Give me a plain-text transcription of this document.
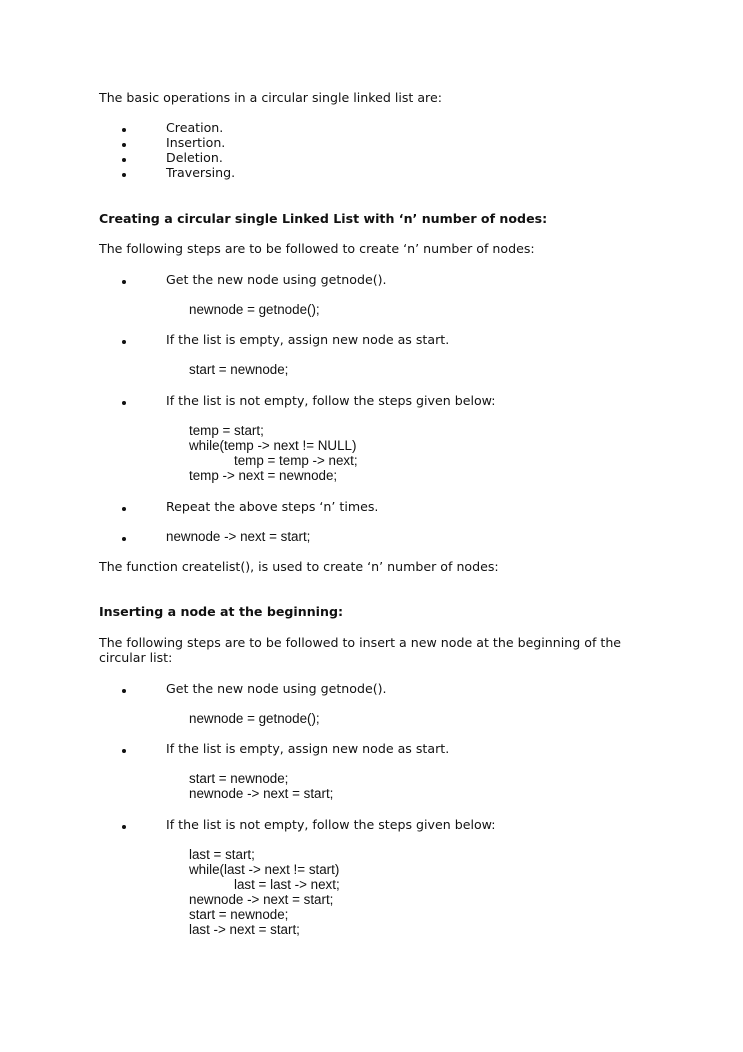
The basic operations in a circular single linked list are:
Creation.
Insertion.
Deletion.
Traversing.
Creating a circular single Linked List with ‘n’ number of nodes:
The following steps are to be followed to create ‘n’ number of nodes:
Get the new node using getnode().
newnode = getnode();
If the list is empty, assign new node as start.
start = newnode;
If the list is not empty, follow the steps given below:
temp = start;
while(temp -> next != NULL)
temp = temp -> next;
temp -> next = newnode;
Repeat the above steps ‘n’ times.
newnode -> next = start;
The function createlist(), is used to create ‘n’ number of nodes:
Inserting a node at the beginning:
The following steps are to be followed to insert a new node at the beginning of the
circular list:
Get the new node using getnode().
newnode = getnode();
If the list is empty, assign new node as start.
start = newnode;
newnode -> next = start;
If the list is not empty, follow the steps given below:
last = start;
while(last -> next != start)
last = last -> next;
newnode -> next = start;
start = newnode;
last -> next = start;
